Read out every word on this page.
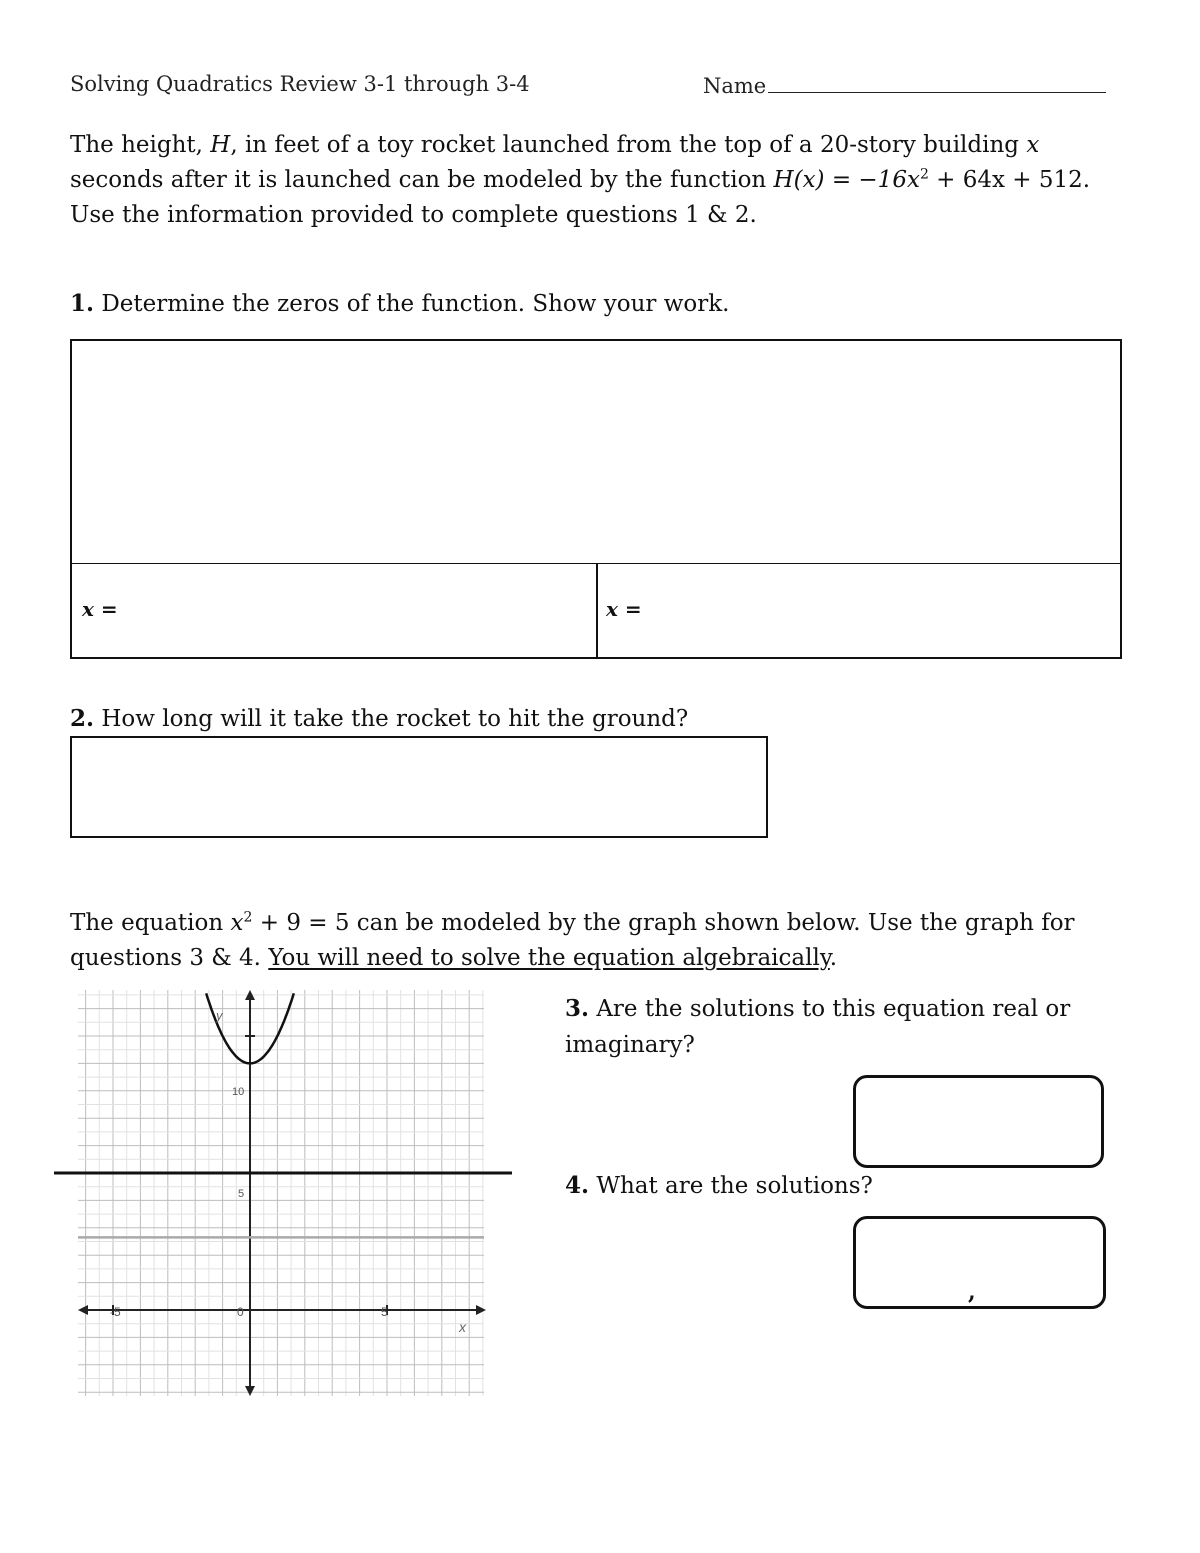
Solving Quadratics Review 3-1 through 3-4	Name
The height, H, in feet of a toy rocket launched from the top of a 20-story building x seconds after it is launched can be modeled by the function $H(x) = -16x^2 + 64x + 512$. Use the information provided to complete questions 1 & 2.
1. Determine the zeros of the function. Show your work.
x =	x =
2. How long will it take the rocket to hit the ground?
The equation $x^2 + 9 = 5$ can be modeled by the graph shown below. Use the graph for questions 3 & 4. You will need to solve the equation algebraically.
y
x
-5	0	5
10
5
3. Are the solutions to this equation real or imaginary?
4. What are the solutions?
,
